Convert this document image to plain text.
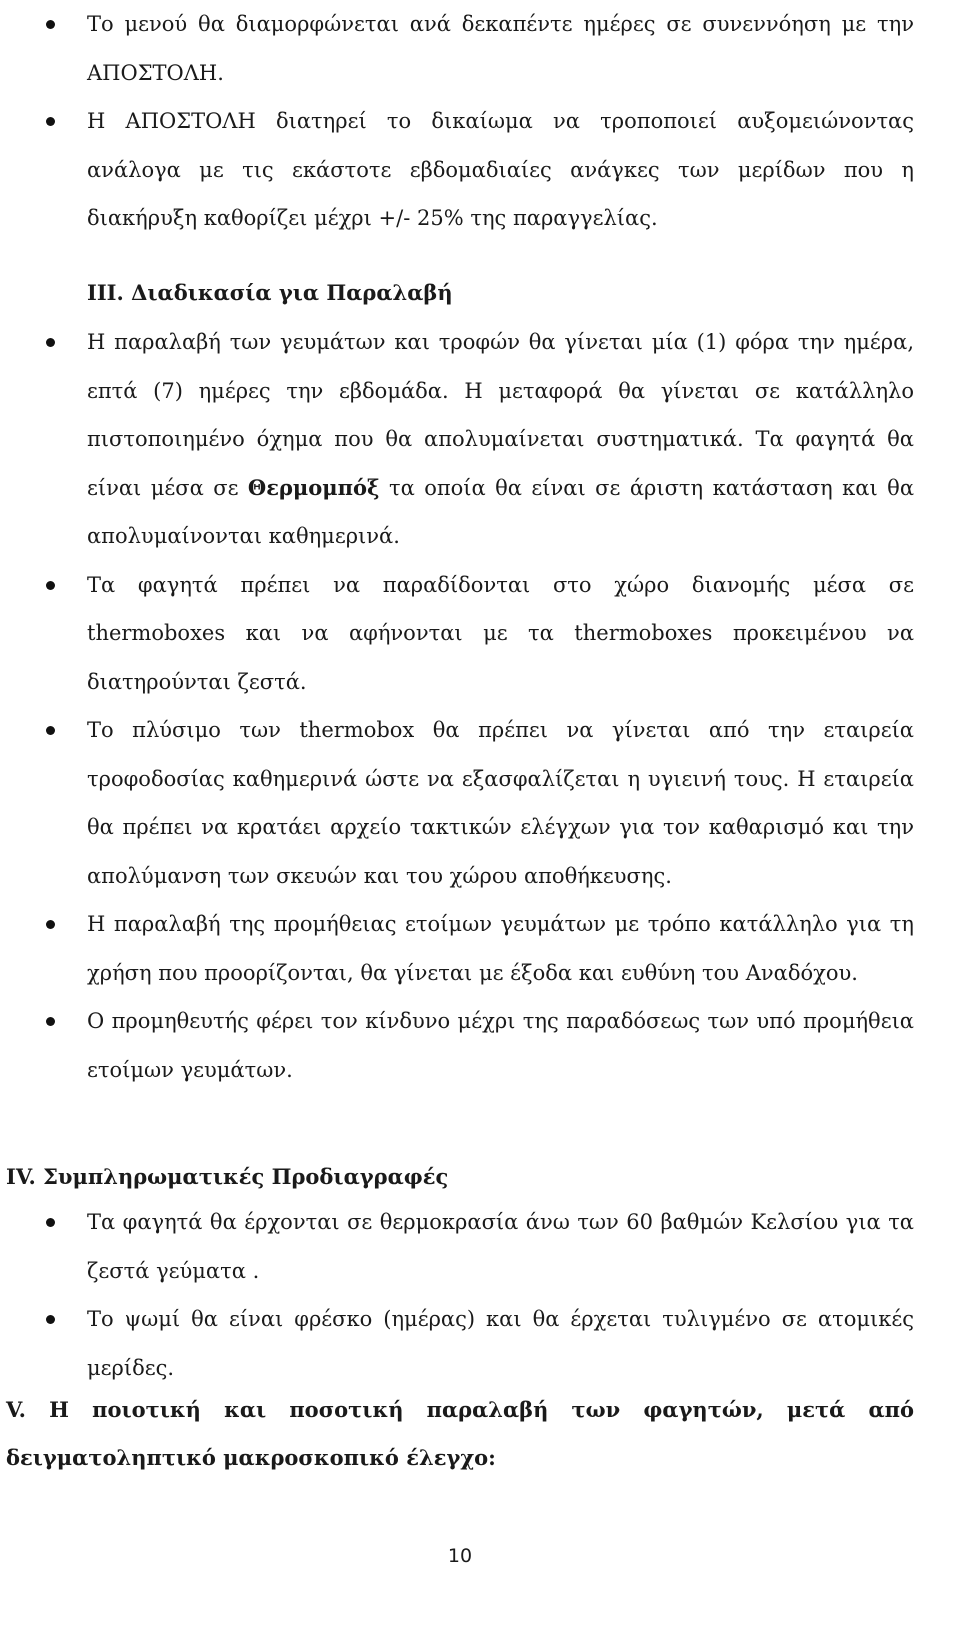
Το μενού θα διαμορφώνεται ανά δεκαπέντε ημέρες σε συνεννόηση με την ΑΠΟΣΤΟΛΗ.
Η ΑΠΟΣΤΟΛΗ διατηρεί το δικαίωμα να τροποποιεί αυξομειώνοντας ανάλογα με τις εκάστοτε εβδομαδιαίες ανάγκες των μερίδων που η διακήρυξη καθορίζει μέχρι +/- 25% της παραγγελίας.
III. Διαδικασία για Παραλαβή
Η παραλαβή των γευμάτων και τροφών θα γίνεται μία (1) φόρα την ημέρα, επτά (7) ημέρες την εβδομάδα. Η μεταφορά θα γίνεται σε κατάλληλο πιστοποιημένο όχημα που θα απολυμαίνεται συστηματικά. Τα φαγητά θα είναι μέσα σε Θερμομπόξ τα οποία θα είναι σε άριστη κατάσταση και θα απολυμαίνονται καθημερινά.
Τα φαγητά πρέπει να παραδίδονται στο χώρο διανομής μέσα σε thermoboxes και να αφήνονται με τα thermoboxes προκειμένου να διατηρούνται ζεστά.
Το πλύσιμο των thermobox θα πρέπει να γίνεται από την εταιρεία τροφοδοσίας καθημερινά ώστε να εξασφαλίζεται η υγιεινή τους. Η εταιρεία θα πρέπει να κρατάει αρχείο τακτικών ελέγχων για τον καθαρισμό και την απολύμανση των σκευών και του χώρου αποθήκευσης.
Η παραλαβή της προμήθειας ετοίμων γευμάτων με τρόπο κατάλληλο για τη χρήση που προορίζονται, θα γίνεται με έξοδα και ευθύνη του Αναδόχου.
Ο προμηθευτής φέρει τον κίνδυνο μέχρι της παραδόσεως των υπό προμήθεια ετοίμων γευμάτων.
IV. Συμπληρωματικές Προδιαγραφές
Τα φαγητά θα έρχονται σε θερμοκρασία άνω των 60 βαθμών Κελσίου για τα ζεστά γεύματα .
Το ψωμί θα είναι φρέσκο (ημέρας) και θα έρχεται τυλιγμένο σε ατομικές μερίδες.
V. Η ποιοτική και ποσοτική παραλαβή των φαγητών, μετά από δειγματοληπτικό μακροσκοπικό έλεγχο:
10
